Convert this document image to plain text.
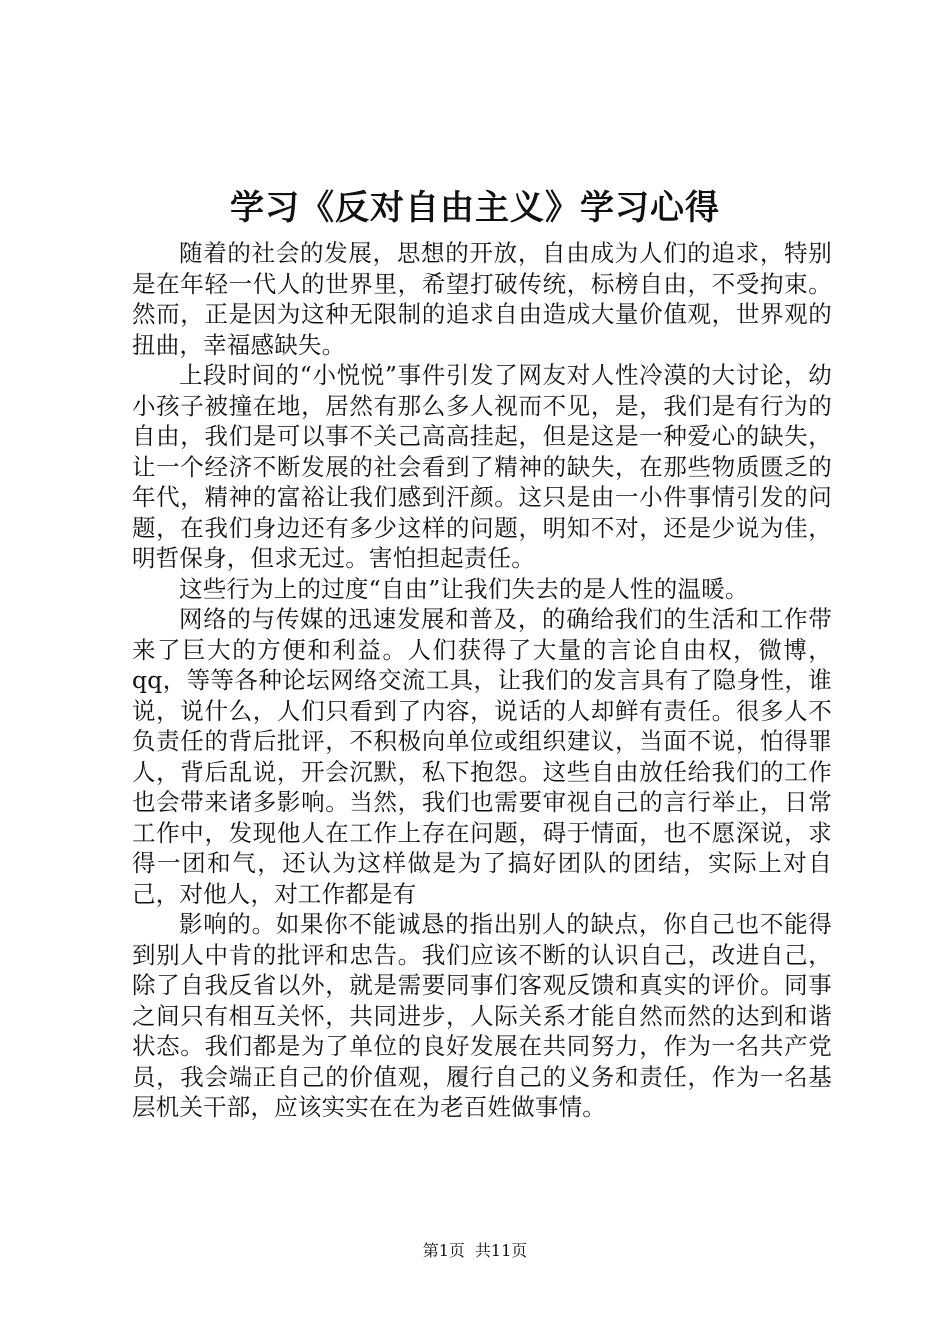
学习《反对自由主义》学习心得

随着的社会的发展，思想的开放，自由成为人们的追求，特别是在年轻一代人的世界里，希望打破传统，标榜自由，不受拘束。然而，正是因为这种无限制的追求自由造成大量价值观，世界观的扭曲，幸福感缺失。

上段时间的“小悦悦”事件引发了网友对人性冷漠的大讨论，幼小孩子被撞在地，居然有那么多人视而不见，是，我们是有行为的自由，我们是可以事不关己高高挂起，但是这是一种爱心的缺失，让一个经济不断发展的社会看到了精神的缺失，在那些物质匮乏的年代，精神的富裕让我们感到汗颜。这只是由一小件事情引发的问题，在我们身边还有多少这样的问题，明知不对，还是少说为佳，明哲保身，但求无过。害怕担起责任。

这些行为上的过度“自由”让我们失去的是人性的温暖。

网络的与传媒的迅速发展和普及，的确给我们的生活和工作带来了巨大的方便和利益。人们获得了大量的言论自由权，微博，qq，等等各种论坛网络交流工具，让我们的发言具有了隐身性，谁说，说什么，人们只看到了内容，说话的人却鲜有责任。很多人不负责任的背后批评，不积极向单位或组织建议，当面不说，怕得罪人，背后乱说，开会沉默，私下抱怨。这些自由放任给我们的工作也会带来诸多影响。当然，我们也需要审视自己的言行举止，日常工作中，发现他人在工作上存在问题，碍于情面，也不愿深说，求得一团和气，还认为这样做是为了搞好团队的团结，实际上对自己，对他人，对工作都是有

影响的。如果你不能诚恳的指出别人的缺点，你自己也不能得到别人中肯的批评和忠告。我们应该不断的认识自己，改进自己，除了自我反省以外，就是需要同事们客观反馈和真实的评价。同事之间只有相互关怀，共同进步，人际关系才能自然而然的达到和谐状态。我们都是为了单位的良好发展在共同努力，作为一名共产党员，我会端正自己的价值观，履行自己的义务和责任，作为一名基层机关干部，应该实实在在为老百姓做事情。

第1页 共11页
